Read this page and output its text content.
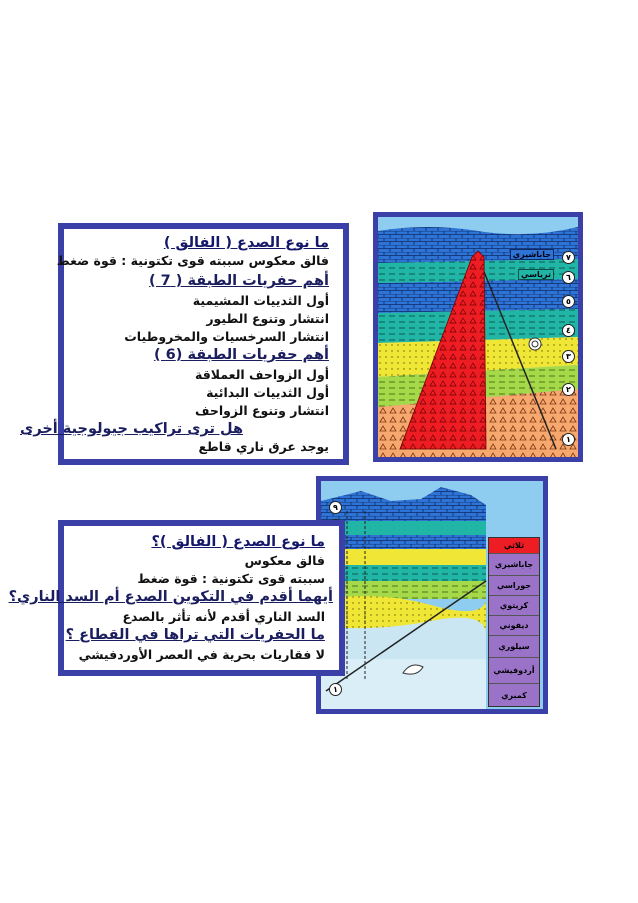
جاباشيري
ترياسي
٧
٦
٥
٤
٣
٢
١
ما نوع الصدع ( الفالق )
فالق معكوس سببته قوى تكتونية : قوة ضغط
أهم حفريات الطبقة ( 7 )
أول الثدييات المشيمية
انتشار وتنوع الطيور
انتشار السرخسيات والمخروطيات
أهم حفريات الطبقة (6 )
أول الزواحف العملاقة
أول الثدييات البدائية
انتشار وتنوع الزواحف
هل ترى تراكيب جيولوجية أخرى
يوجد عرق ناري قاطع
ثلاثي
جاباشيري
جوراسي
كريتوي
ديفوني
سيلوري
أردوفيشي
كمبري
٩
١
ما نوع الصدع ( الفالق )؟
فالق معكوس
سببته قوى تكتونية : قوة ضغط
أيهما أقدم في التكوين الصدع أم السد الناري؟
السد الناري أقدم لأنه تأثر بالصدع
ما الحفريات التي تراها في القطاع ؟
لا فقاريات بحرية في العصر الأوردفيشي
